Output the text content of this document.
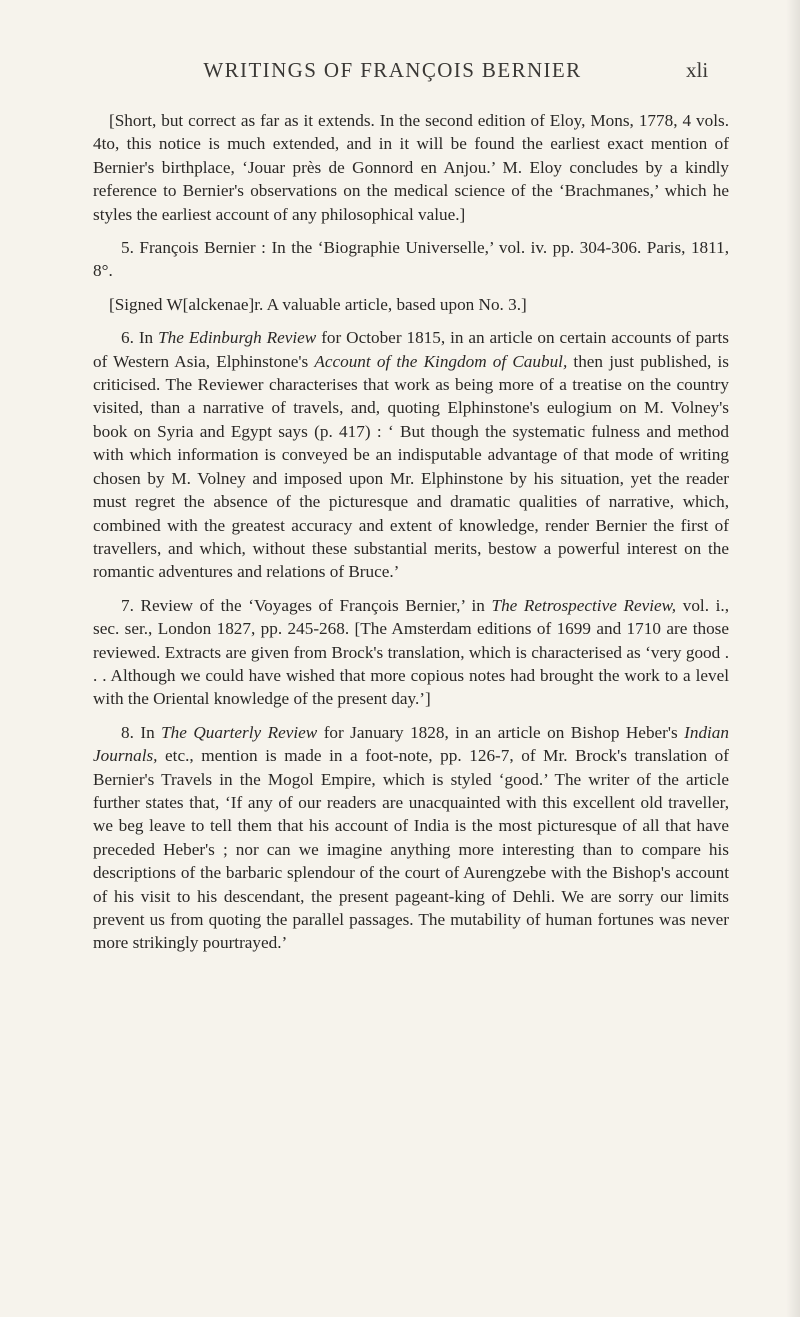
WRITINGS OF FRANÇOIS BERNIER	xli

[Short, but correct as far as it extends. In the second edition of Eloy, Mons, 1778, 4 vols. 4to, this notice is much extended, and in it will be found the earliest exact mention of Bernier's birthplace, ‘Jouar près de Gonnord en Anjou.’ M. Eloy concludes by a kindly reference to Bernier's observations on the medical science of the ‘Brachmanes,’ which he styles the earliest account of any philosophical value.]

5. François Bernier : In the ‘Biographie Universelle,’ vol. iv. pp. 304-306. Paris, 1811, 8°.

[Signed W[alckenae]r. A valuable article, based upon No. 3.]

6. In The Edinburgh Review for October 1815, in an article on certain accounts of parts of Western Asia, Elphinstone's Account of the Kingdom of Caubul, then just published, is criticised. The Reviewer characterises that work as being more of a treatise on the country visited, than a narrative of travels, and, quoting Elphinstone's eulogium on M. Volney's book on Syria and Egypt says (p. 417) : ‘ But though the systematic fulness and method with which information is conveyed be an indisputable advantage of that mode of writing chosen by M. Volney and imposed upon Mr. Elphinstone by his situation, yet the reader must regret the absence of the picturesque and dramatic qualities of narrative, which, combined with the greatest accuracy and extent of knowledge, render Bernier the first of travellers, and which, without these substantial merits, bestow a powerful interest on the romantic adventures and relations of Bruce.’

7. Review of the ‘Voyages of François Bernier,’ in The Retrospective Review, vol. i., sec. ser., London 1827, pp. 245-268. [The Amsterdam editions of 1699 and 1710 are those reviewed. Extracts are given from Brock's translation, which is characterised as ‘very good . . . Although we could have wished that more copious notes had brought the work to a level with the Oriental knowledge of the present day.’]

8. In The Quarterly Review for January 1828, in an article on Bishop Heber's Indian Journals, etc., mention is made in a foot-note, pp. 126-7, of Mr. Brock's translation of Bernier's Travels in the Mogol Empire, which is styled ‘good.’ The writer of the article further states that, ‘If any of our readers are unacquainted with this excellent old traveller, we beg leave to tell them that his account of India is the most picturesque of all that have preceded Heber's ; nor can we imagine anything more interesting than to compare his descriptions of the barbaric splendour of the court of Aurengzebe with the Bishop's account of his visit to his descendant, the present pageant-king of Dehli. We are sorry our limits prevent us from quoting the parallel passages. The mutability of human fortunes was never more strikingly pourtrayed.’
